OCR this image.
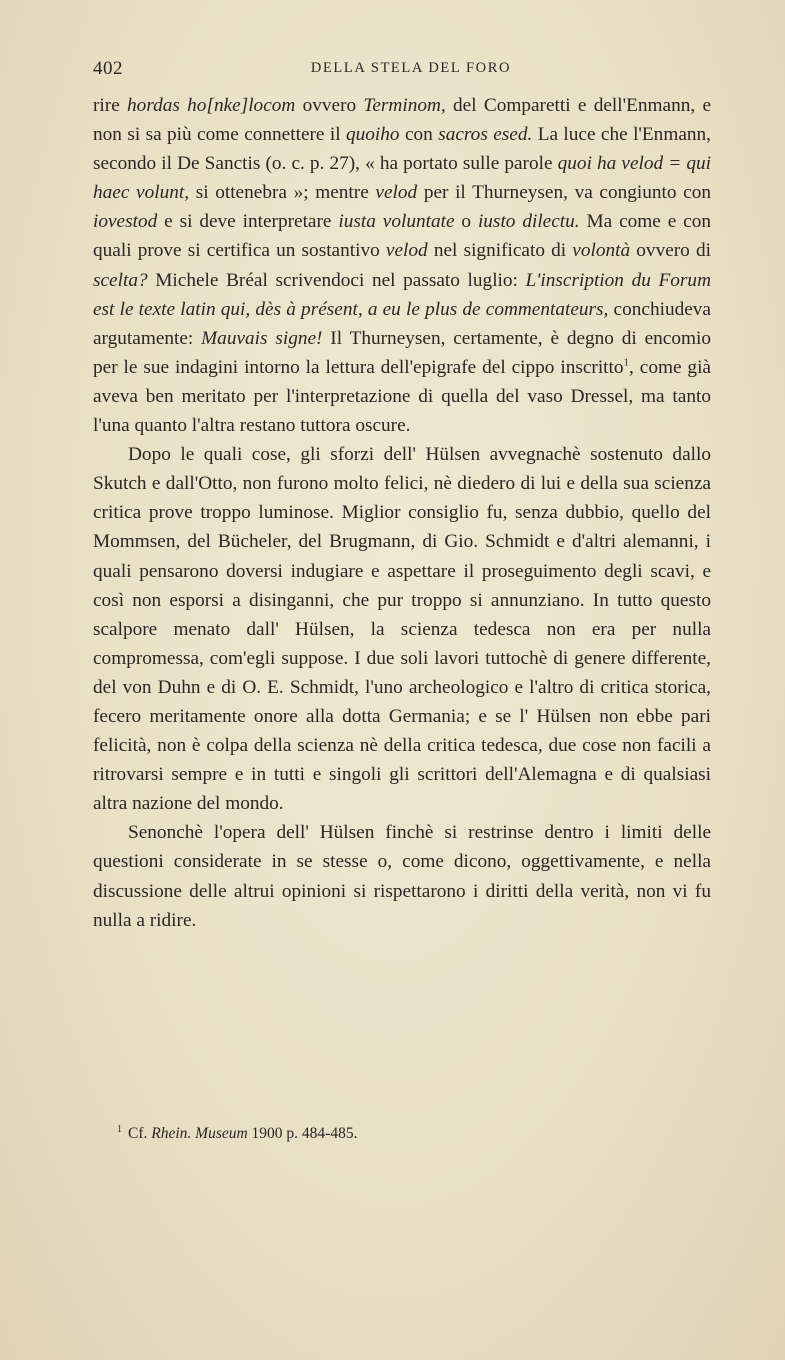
402	DELLA STELA DEL FORO

rire hordas ho[nke]locom ovvero Terminom, del Comparetti e dell'Enmann, e non si sa più come connettere il quoiho con sacros esed. La luce che l'Enmann, secondo il De Sanctis (o. c. p. 27), « ha portato sulle parole quoi ha velod = qui haec volunt, si ottenebra »; mentre velod per il Thurneysen, va congiunto con iovestod e si deve interpretare iusta voluntate o iusto dilectu. Ma come e con quali prove si certifica un sostantivo velod nel significato di volontà ovvero di scelta? Michele Bréal scrivendoci nel passato luglio: L'inscription du Forum est le texte latin qui, dès à présent, a eu le plus de commentateurs, conchiudeva argutamente: Mauvais signe! Il Thurneysen, certamente, è degno di encomio per le sue indagini intorno la lettura dell'epigrafe del cippo inscritto$^1$, come già aveva ben meritato per l'interpretazione di quella del vaso Dressel, ma tanto l'una quanto l'altra restano tuttora oscure.

Dopo le quali cose, gli sforzi dell' Hülsen avvegnachè sostenuto dallo Skutch e dall'Otto, non furono molto felici, nè diedero di lui e della sua scienza critica prove troppo luminose. Miglior consiglio fu, senza dubbio, quello del Mommsen, del Bücheler, del Brugmann, di Gio. Schmidt e d'altri alemanni, i quali pensarono doversi indugiare e aspettare il proseguimento degli scavi, e così non esporsi a disinganni, che pur troppo si annunziano. In tutto questo scalpore menato dall' Hülsen, la scienza tedesca non era per nulla compromessa, com'egli suppose. I due soli lavori tuttochè di genere differente, del von Duhn e di O. E. Schmidt, l'uno archeologico e l'altro di critica storica, fecero meritamente onore alla dotta Germania; e se l' Hülsen non ebbe pari felicità, non è colpa della scienza nè della critica tedesca, due cose non facili a ritrovarsi sempre e in tutti e singoli gli scrittori dell'Alemagna e di qualsiasi altra nazione del mondo.

Senonchè l'opera dell' Hülsen finchè si restrinse dentro i limiti delle questioni considerate in se stesse o, come dicono, oggettivamente, e nella discussione delle altrui opinioni si rispettarono i diritti della verità, non vi fu nulla a ridire.

$^1$ Cf. Rhein. Museum 1900 p. 484-485.
